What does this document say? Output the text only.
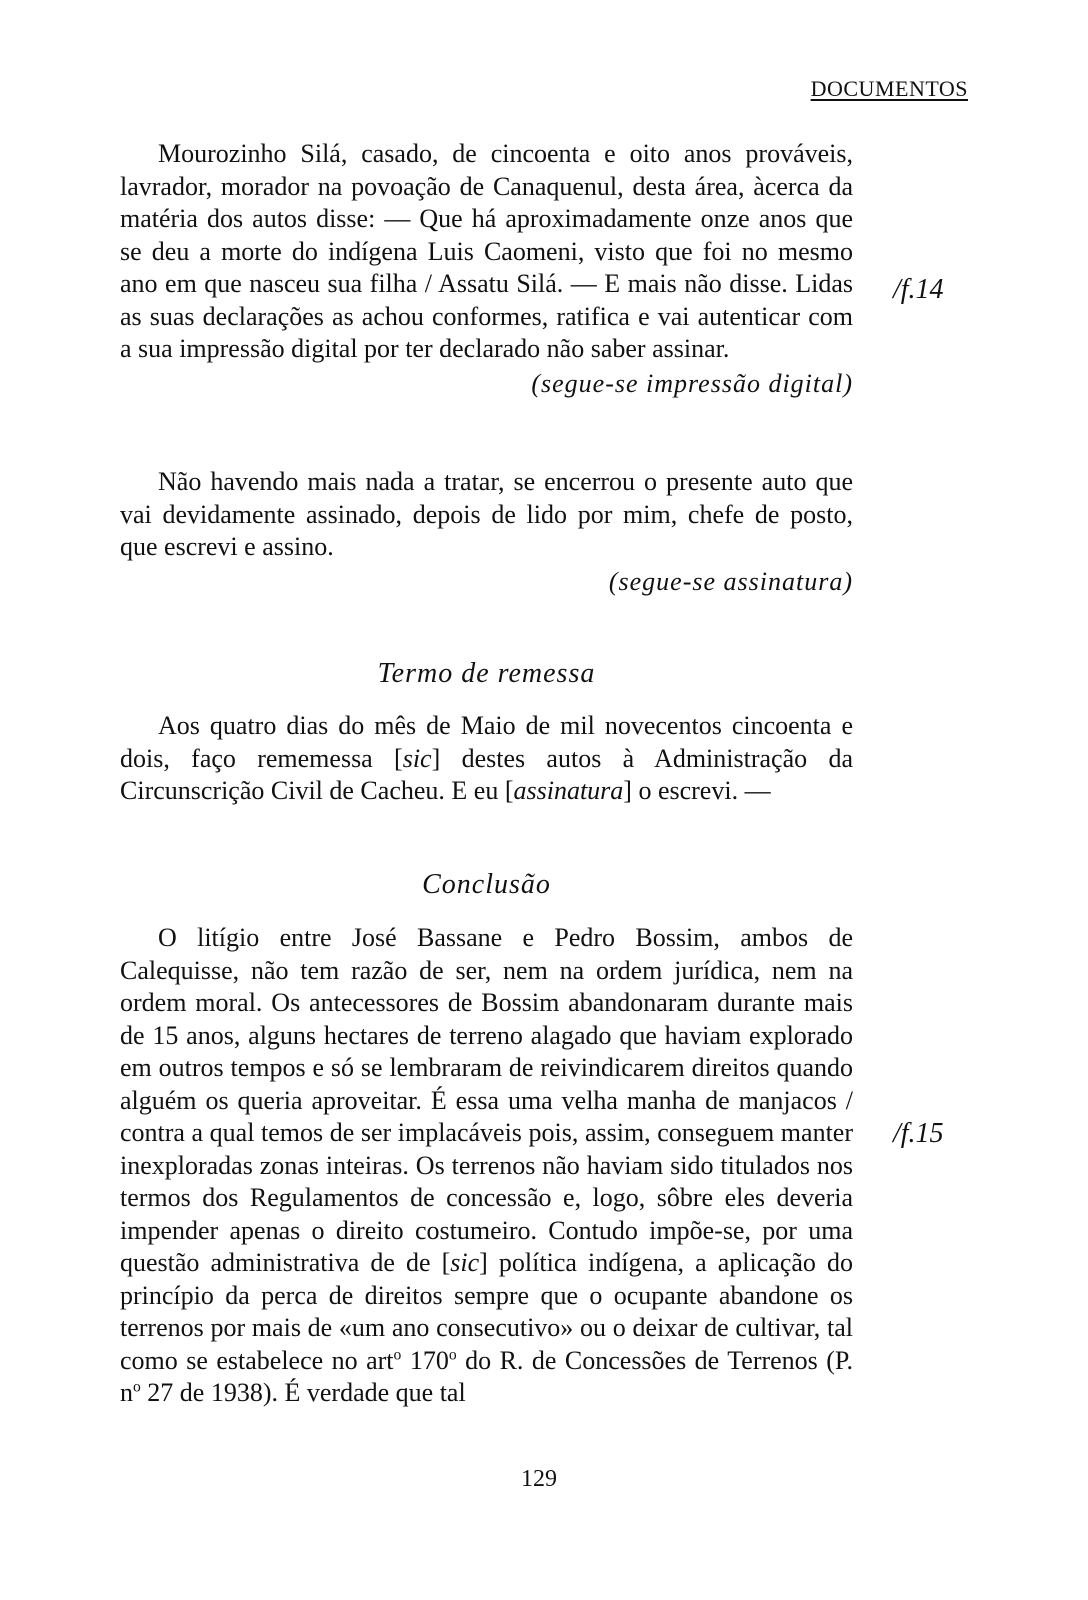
DOCUMENTOS

Mourozinho Silá, casado, de cincoenta e oito anos prováveis, lavrador, morador na povoação de Canaquenul, desta área, àcerca da matéria dos autos disse: — Que há aproximadamente onze anos que se deu a morte do indígena Luis Caomeni, visto que foi no mesmo ano em que nasceu sua filha / Assatu Silá. — E mais não disse. Lidas as suas declarações as achou conformes, ratifica e vai autenticar com a sua impressão digital por ter declarado não saber assinar.

(segue-se impressão digital)
/f.14

Não havendo mais nada a tratar, se encerrou o presente auto que vai devidamente assinado, depois de lido por mim, chefe de posto, que escrevi e assino.

(segue-se assinatura)
Termo de remessa

Aos quatro dias do mês de Maio de mil novecentos cincoenta e dois, faço rememessa [sic] destes autos à Administração da Circunscrição Civil de Cacheu. E eu [assinatura] o escrevi. —

Conclusão

O litígio entre José Bassane e Pedro Bossim, ambos de Calequisse, não tem razão de ser, nem na ordem jurídica, nem na ordem moral. Os antecessores de Bossim abandonaram durante mais de 15 anos, alguns hectares de terreno alagado que haviam explorado em outros tempos e só se lembraram de reivindicarem direitos quando alguém os queria aproveitar. É essa uma velha manha de manjacos / contra a qual temos de ser implacáveis pois, assim, conseguem manter inexploradas zonas inteiras. Os terrenos não haviam sido titulados nos termos dos Regulamentos de concessão e, logo, sôbre eles deveria impender apenas o direito costumeiro. Contudo impõe-se, por uma questão administrativa de de [sic] política indígena, a aplicação do princípio da perca de direitos sempre que o ocupante abandone os terrenos por mais de «um ano consecutivo» ou o deixar de cultivar, tal como se estabelece no art$^o$ 170$^o$ do R. de Concessões de Terrenos (P. $n^o$ 27 de 1938). É verdade que tal

/f.15
129
